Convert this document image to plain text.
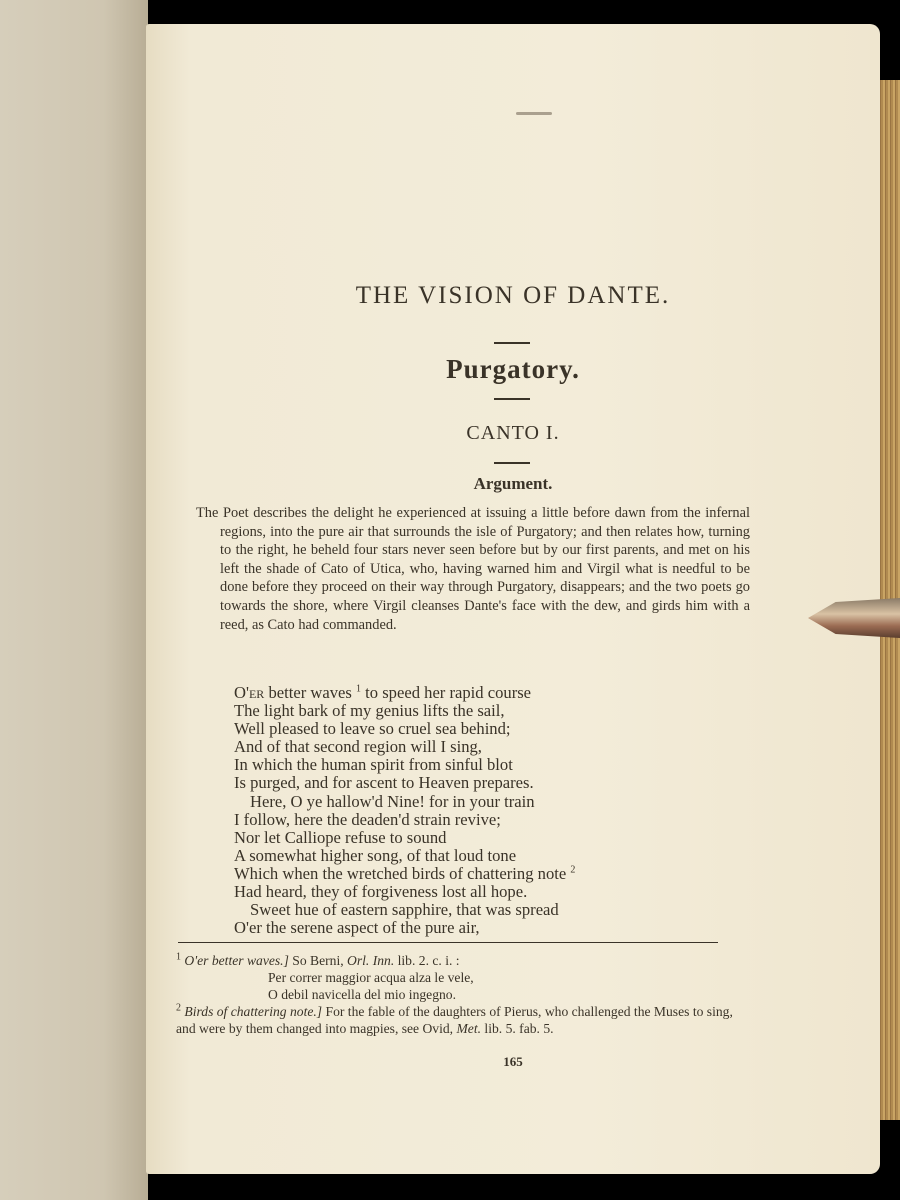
THE VISION OF DANTE.
Purgatory.
CANTO I.
Argument.
The Poet describes the delight he experienced at issuing a little before dawn from the infernal regions, into the pure air that surrounds the isle of Purgatory; and then relates how, turning to the right, he beheld four stars never seen before but by our first parents, and met on his left the shade of Cato of Utica, who, having warned him and Virgil what is needful to be done before they proceed on their way through Purgatory, disappears; and the two poets go towards the shore, where Virgil cleanses Dante's face with the dew, and girds him with a reed, as Cato had commanded.
O'er better waves $^1$ to speed her rapid course
The light bark of my genius lifts the sail,
Well pleased to leave so cruel sea behind;
And of that second region will I sing,
In which the human spirit from sinful blot
Is purged, and for ascent to Heaven prepares.
Here, O ye hallow'd Nine! for in your train
I follow, here the deaden'd strain revive;
Nor let Calliope refuse to sound
A somewhat higher song, of that loud tone
Which when the wretched birds of chattering note $^2$
Had heard, they of forgiveness lost all hope.
Sweet hue of eastern sapphire, that was spread
O'er the serene aspect of the pure air,
$^1$ O'er better waves.] So Berni, Orl. Inn. lib. 2. c. i. :
Per correr maggior acqua alza le vele,
O debil navicella del mio ingegno.
$^2$ Birds of chattering note.] For the fable of the daughters of Pierus, who challenged the Muses to sing, and were by them changed into magpies, see Ovid, Met. lib. 5. fab. 5.
165
